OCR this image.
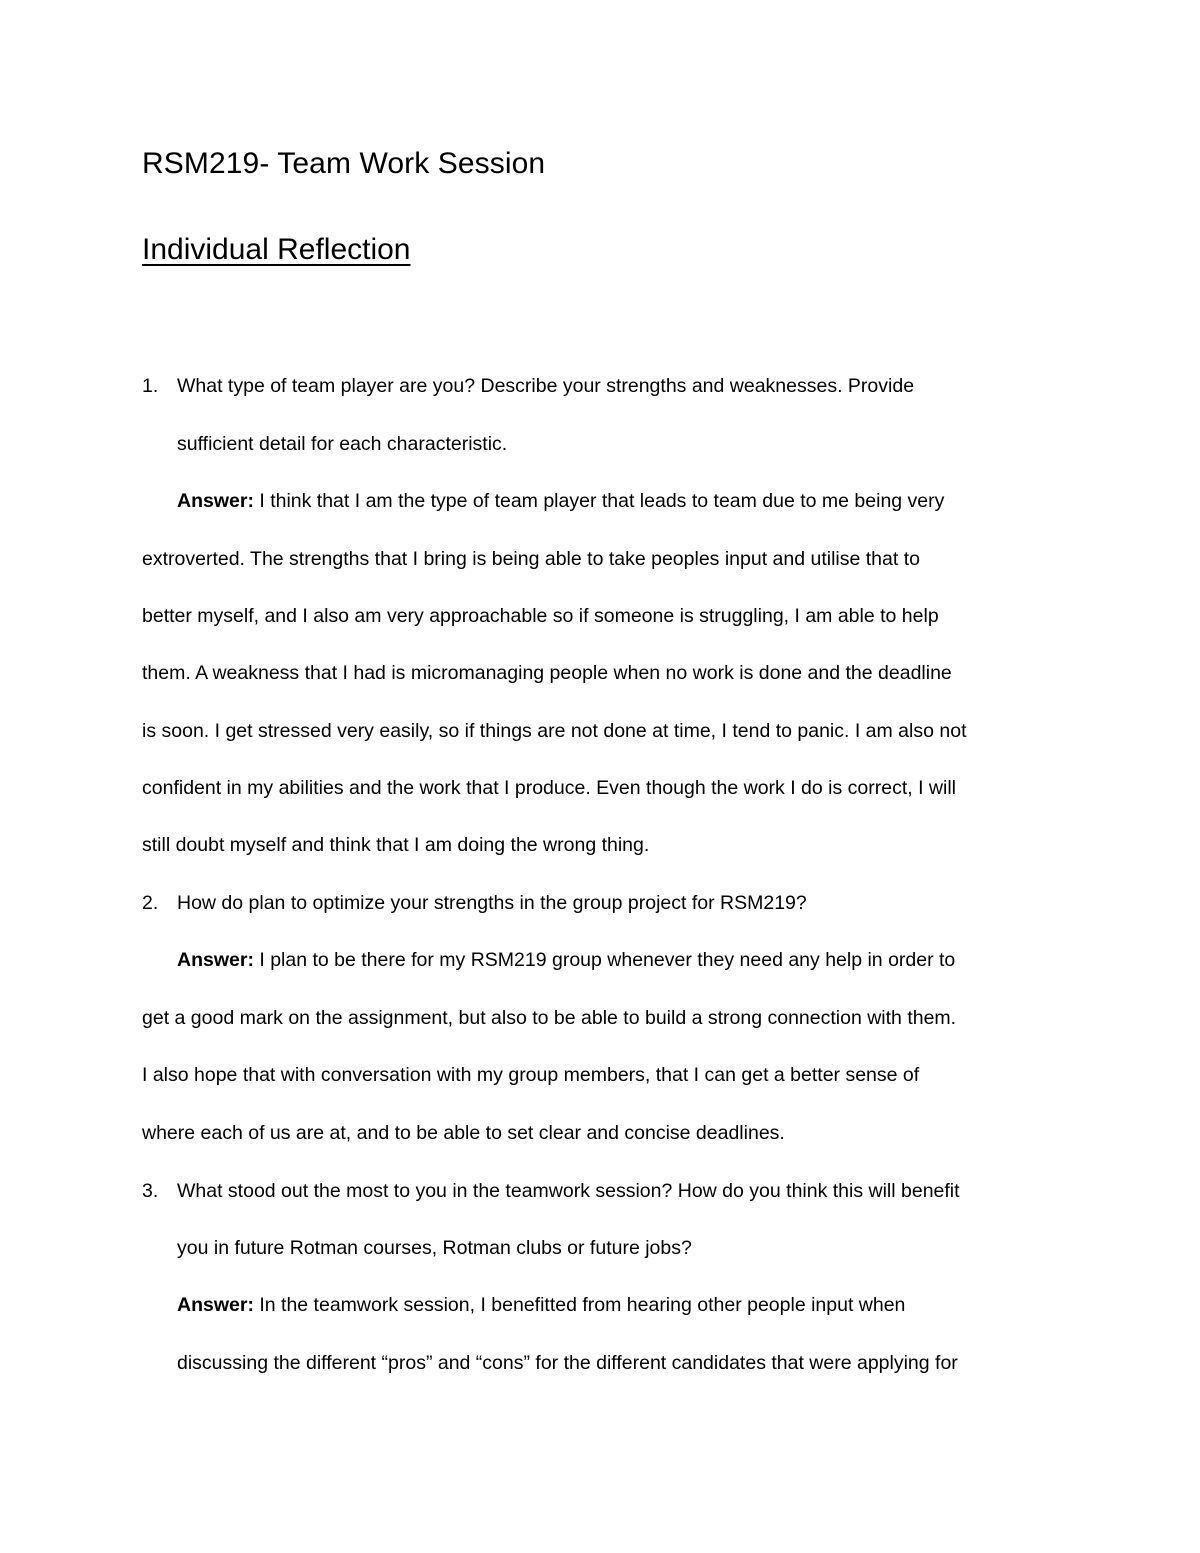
RSM219- Team Work Session
Individual Reflection
1. What type of team player are you? Describe your strengths and weaknesses. Provide
sufficient detail for each characteristic.
Answer: I think that I am the type of team player that leads to team due to me being very
extroverted. The strengths that I bring is being able to take peoples input and utilise that to
better myself, and I also am very approachable so if someone is struggling, I am able to help
them. A weakness that I had is micromanaging people when no work is done and the deadline
is soon. I get stressed very easily, so if things are not done at time, I tend to panic. I am also not
confident in my abilities and the work that I produce. Even though the work I do is correct, I will
still doubt myself and think that I am doing the wrong thing.
2. How do plan to optimize your strengths in the group project for RSM219?
Answer: I plan to be there for my RSM219 group whenever they need any help in order to
get a good mark on the assignment, but also to be able to build a strong connection with them.
I also hope that with conversation with my group members, that I can get a better sense of
where each of us are at, and to be able to set clear and concise deadlines.
3. What stood out the most to you in the teamwork session? How do you think this will benefit
you in future Rotman courses, Rotman clubs or future jobs?
Answer: In the teamwork session, I benefitted from hearing other people input when
discussing the different “pros” and “cons” for the different candidates that were applying for
